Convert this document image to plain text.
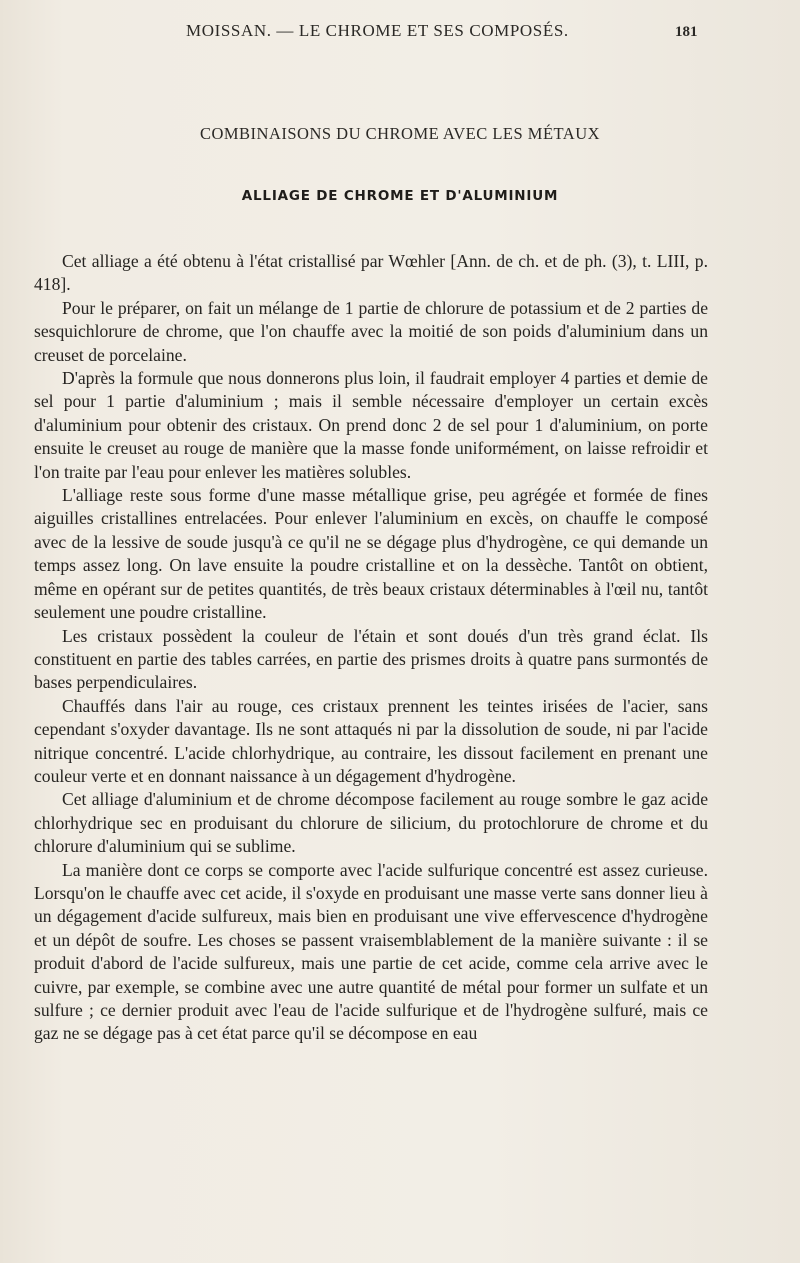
MOISSAN. — LE CHROME ET SES COMPOSÉS.	181
COMBINAISONS DU CHROME AVEC LES MÉTAUX
ALLIAGE DE CHROME ET D'ALUMINIUM

Cet alliage a été obtenu à l'état cristallisé par Wœhler [Ann. de ch. et de ph. (3), t. LIII, p. 418].

Pour le préparer, on fait un mélange de 1 partie de chlorure de potassium et de 2 parties de sesquichlorure de chrome, que l'on chauffe avec la moitié de son poids d'aluminium dans un creuset de porcelaine.

D'après la formule que nous donnerons plus loin, il faudrait employer 4 parties et demie de sel pour 1 partie d'aluminium ; mais il semble nécessaire d'employer un certain excès d'aluminium pour obtenir des cristaux. On prend donc 2 de sel pour 1 d'aluminium, on porte ensuite le creuset au rouge de manière que la masse fonde uniformément, on laisse refroidir et l'on traite par l'eau pour enlever les matières solubles.

L'alliage reste sous forme d'une masse métallique grise, peu agrégée et formée de fines aiguilles cristallines entrelacées. Pour enlever l'aluminium en excès, on chauffe le composé avec de la lessive de soude jusqu'à ce qu'il ne se dégage plus d'hydrogène, ce qui demande un temps assez long. On lave ensuite la poudre cristalline et on la dessèche. Tantôt on obtient, même en opérant sur de petites quantités, de très beaux cristaux déterminables à l'œil nu, tantôt seulement une poudre cristalline.

Les cristaux possèdent la couleur de l'étain et sont doués d'un très grand éclat. Ils constituent en partie des tables carrées, en partie des prismes droits à quatre pans surmontés de bases perpendiculaires.

Chauffés dans l'air au rouge, ces cristaux prennent les teintes irisées de l'acier, sans cependant s'oxyder davantage. Ils ne sont attaqués ni par la dissolution de soude, ni par l'acide nitrique concentré. L'acide chlorhydrique, au contraire, les dissout facilement en prenant une couleur verte et en donnant naissance à un dégagement d'hydrogène.

Cet alliage d'aluminium et de chrome décompose facilement au rouge sombre le gaz acide chlorhydrique sec en produisant du chlorure de silicium, du protochlorure de chrome et du chlorure d'aluminium qui se sublime.

La manière dont ce corps se comporte avec l'acide sulfurique concentré est assez curieuse. Lorsqu'on le chauffe avec cet acide, il s'oxyde en produisant une masse verte sans donner lieu à un dégagement d'acide sulfureux, mais bien en produisant une vive effervescence d'hydrogène et un dépôt de soufre. Les choses se passent vraisemblablement de la manière suivante : il se produit d'abord de l'acide sulfureux, mais une partie de cet acide, comme cela arrive avec le cuivre, par exemple, se combine avec une autre quantité de métal pour former un sulfate et un sulfure ; ce dernier produit avec l'eau de l'acide sulfurique et de l'hydrogène sulfuré, mais ce gaz ne se dégage pas à cet état parce qu'il se décompose en eau
